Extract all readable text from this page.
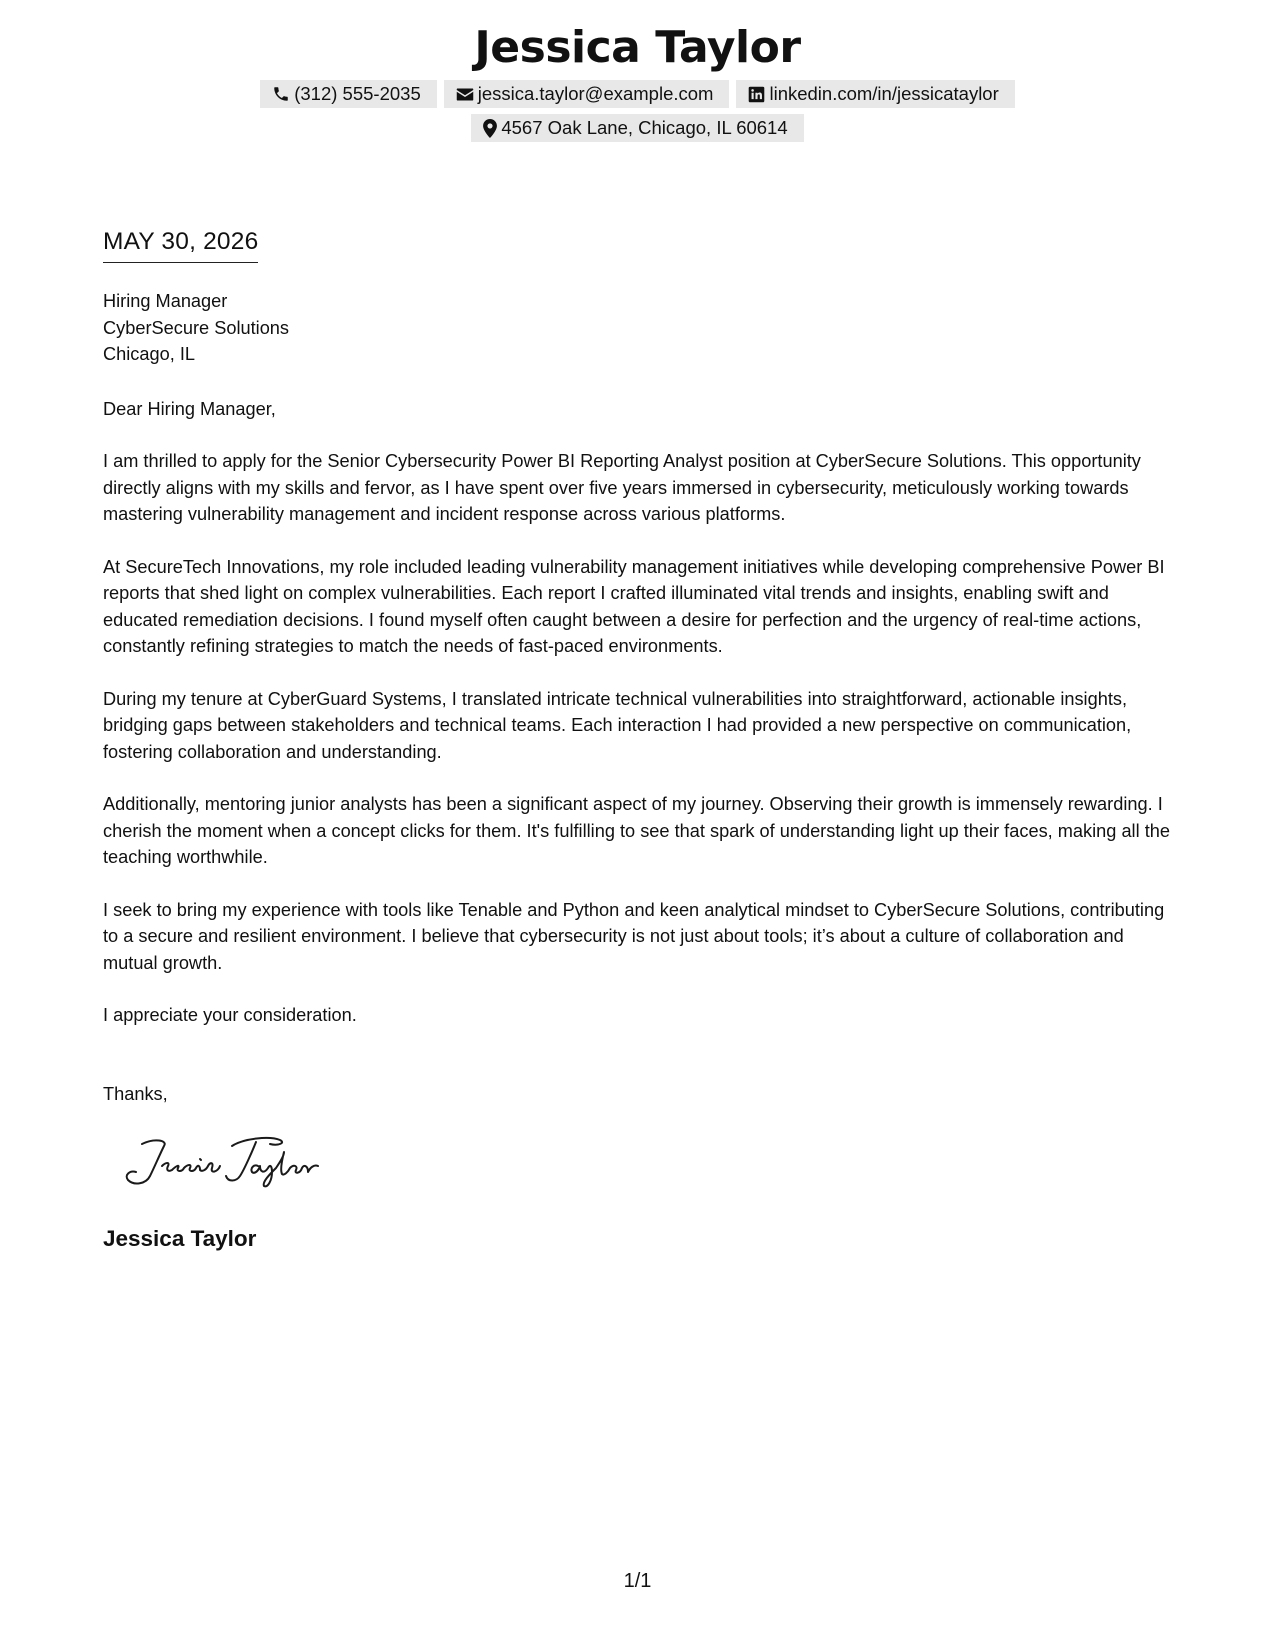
Jessica Taylor
(312) 555-2035	jessica.taylor@example.com	linkedin.com/in/jessicataylor
4567 Oak Lane, Chicago, IL 60614
MAY 30, 2026
Hiring Manager
CyberSecure Solutions
Chicago, IL
Dear Hiring Manager,

I am thrilled to apply for the Senior Cybersecurity Power BI Reporting Analyst position at CyberSecure Solutions. This opportunity directly aligns with my skills and fervor, as I have spent over five years immersed in cybersecurity, meticulously working towards mastering vulnerability management and incident response across various platforms.

At SecureTech Innovations, my role included leading vulnerability management initiatives while developing comprehensive Power BI reports that shed light on complex vulnerabilities. Each report I crafted illuminated vital trends and insights, enabling swift and educated remediation decisions. I found myself often caught between a desire for perfection and the urgency of real-time actions, constantly refining strategies to match the needs of fast-paced environments.

During my tenure at CyberGuard Systems, I translated intricate technical vulnerabilities into straightforward, actionable insights, bridging gaps between stakeholders and technical teams. Each interaction I had provided a new perspective on communication, fostering collaboration and understanding.

Additionally, mentoring junior analysts has been a significant aspect of my journey. Observing their growth is immensely rewarding. I cherish the moment when a concept clicks for them. It's fulfilling to see that spark of understanding light up their faces, making all the teaching worthwhile.

I seek to bring my experience with tools like Tenable and Python and keen analytical mindset to CyberSecure Solutions, contributing to a secure and resilient environment. I believe that cybersecurity is not just about tools; it’s about a culture of collaboration and mutual growth.

I appreciate your consideration.

Thanks,
Jessica Taylor
1/1
